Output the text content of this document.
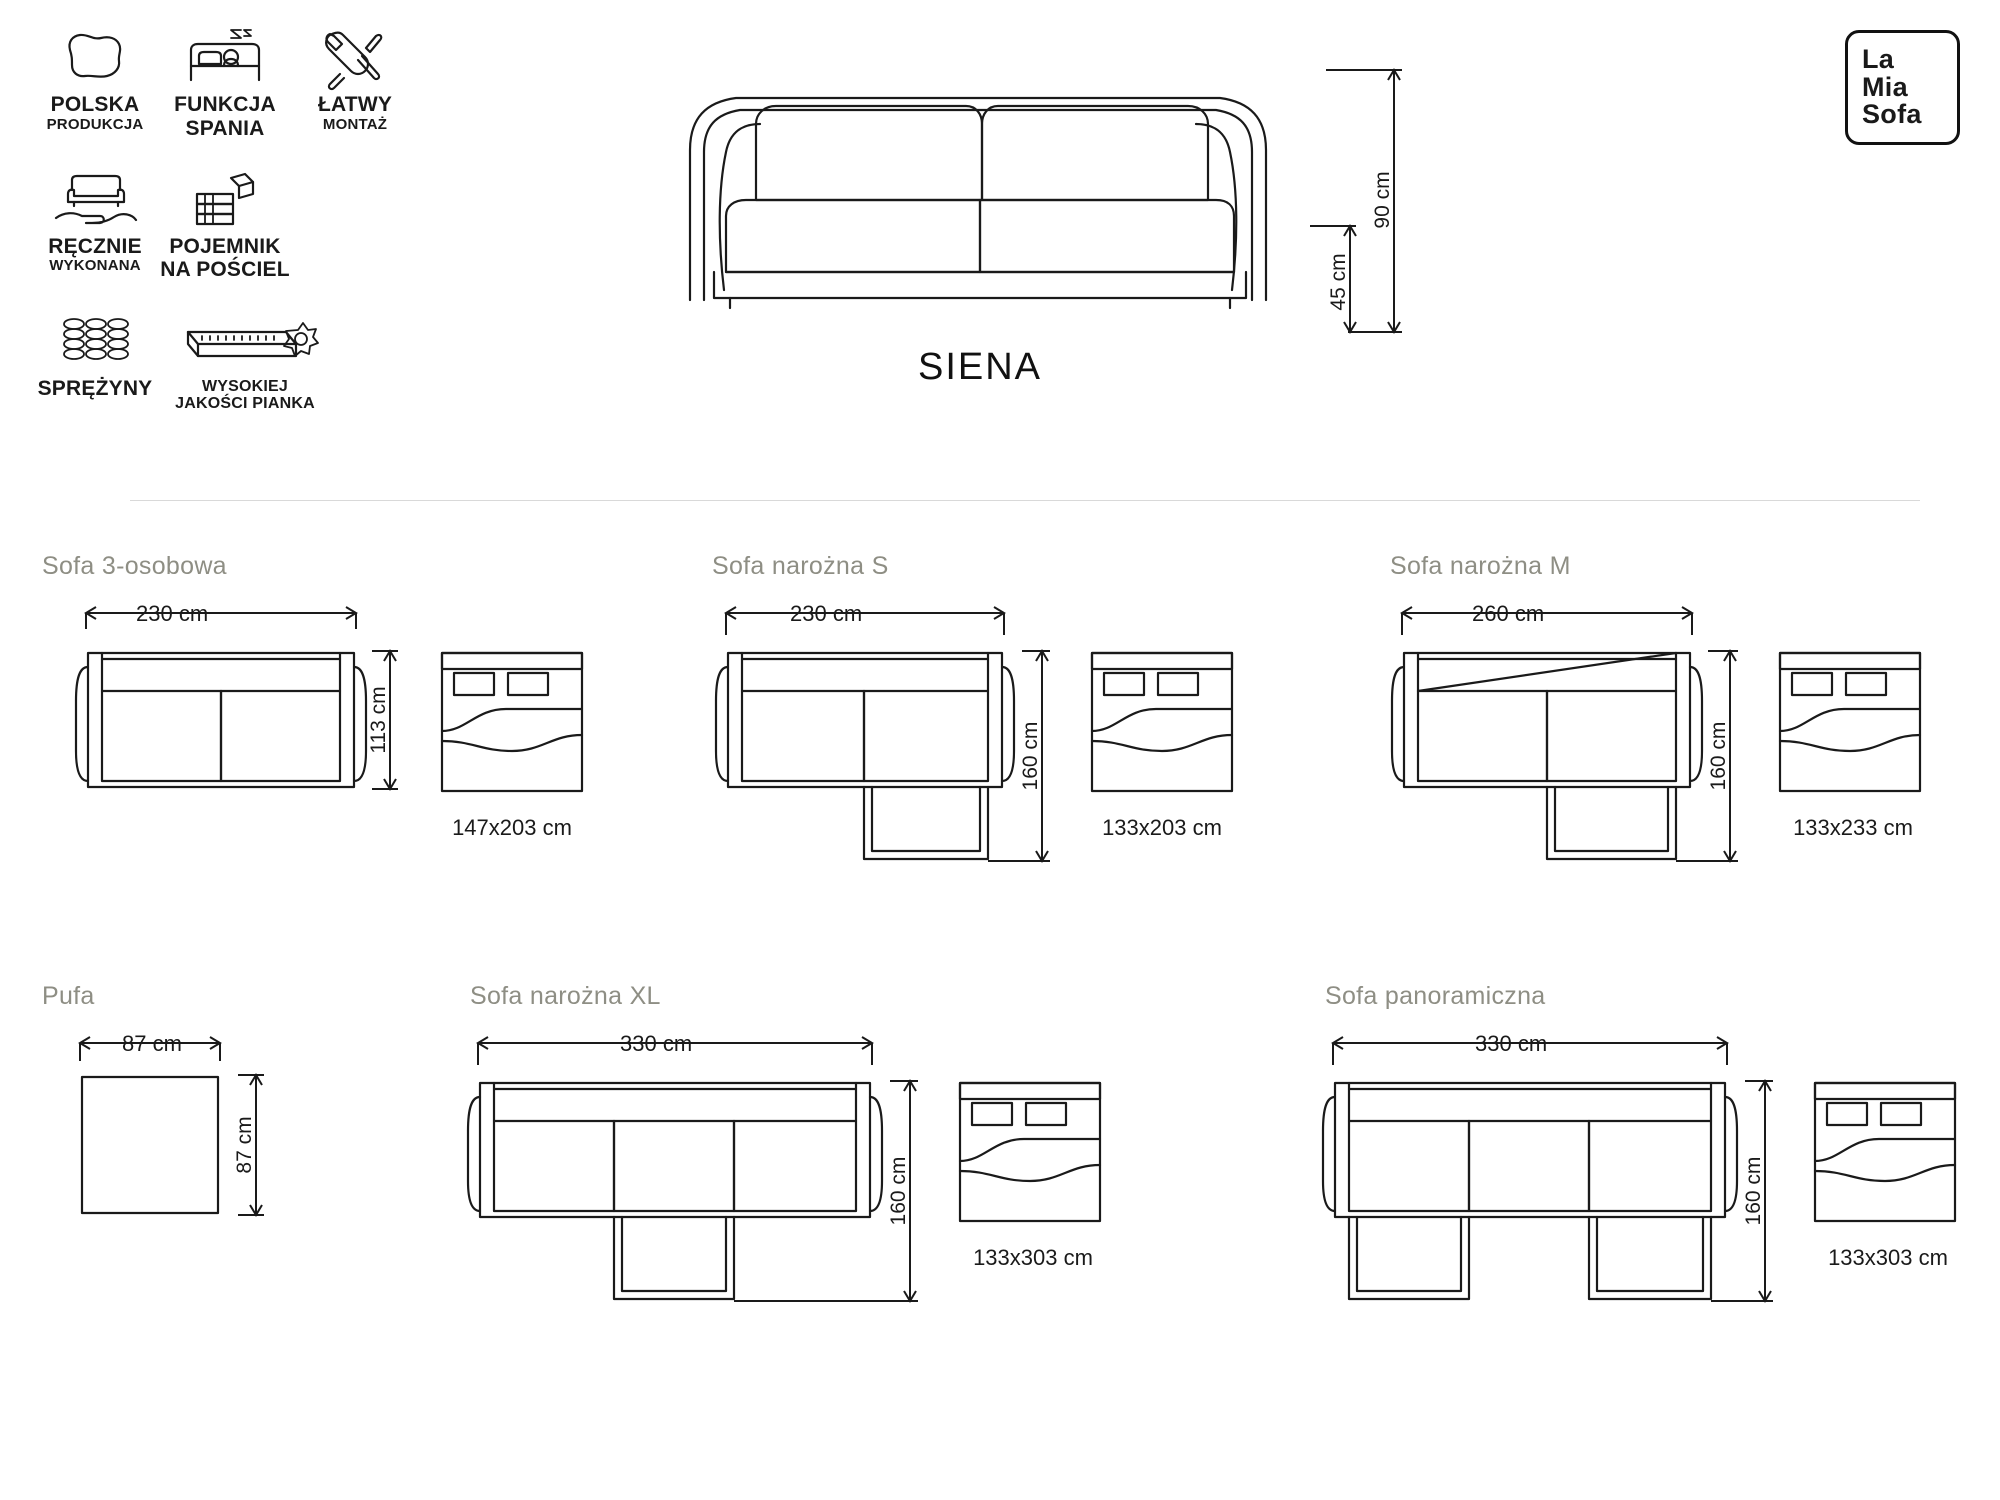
POLSKA
PRODUKCJA
FUNKCJA
SPANIA
ŁATWY
MONTAŻ
RĘCZNIE
WYKONANA
POJEMNIK
NA POŚCIEL
SPRĘŻYNY	WYSOKIEJ
JAKOŚCI PIANKA
La
Mia
Sofa
SIENA
90 cm
45 cm
Sofa 3-osobowa
113 cm
147x203 cm
230 cm
Sofa narożna S
160 cm
133x203 cm
230 cm
Sofa narożna M
160 cm
133x233 cm
260 cm
Pufa
87 cm
87 cm
Sofa narożna XL
160 cm
133x303 cm
330 cm
Sofa panoramiczna
160 cm
133x303 cm
330 cm
